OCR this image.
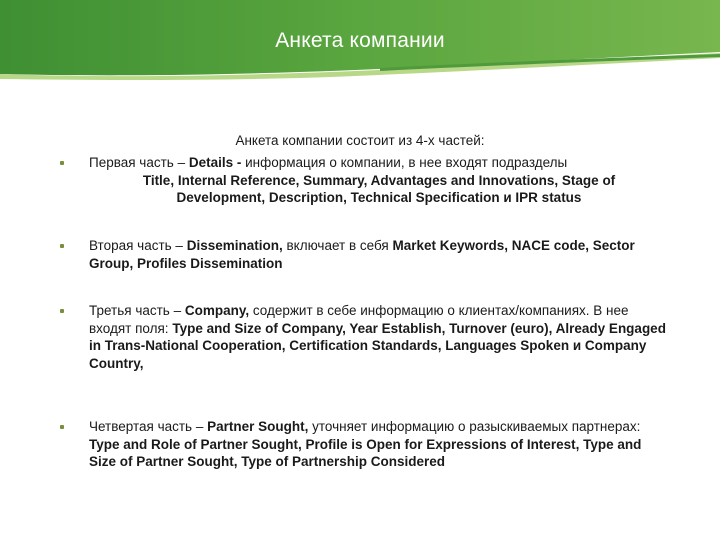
Анкета компании
Анкета компании состоит из 4-х частей:
Первая часть – Details - информация о компании, в нее входят подразделы
Title, Internal Reference, Summary, Advantages and Innovations, Stage of
Development, Description, Technical Specification и IPR status
Вторая часть – Dissemination, включает в себя Market Keywords, NACE code, Sector Group, Profiles Dissemination
Третья часть – Company, содержит в себе информацию о клиентах/компаниях. В нее входят поля: Type and Size of Company, Year Establish, Turnover (euro), Already Engaged in Trans-National Cooperation, Certification Standards, Languages Spoken и Company Country,
Четвертая часть – Partner Sought, уточняет информацию о разыскиваемых партнерах: Type and Role of Partner Sought, Profile is Open for Expressions of Interest, Type and Size of Partner Sought, Type of Partnership Considered
